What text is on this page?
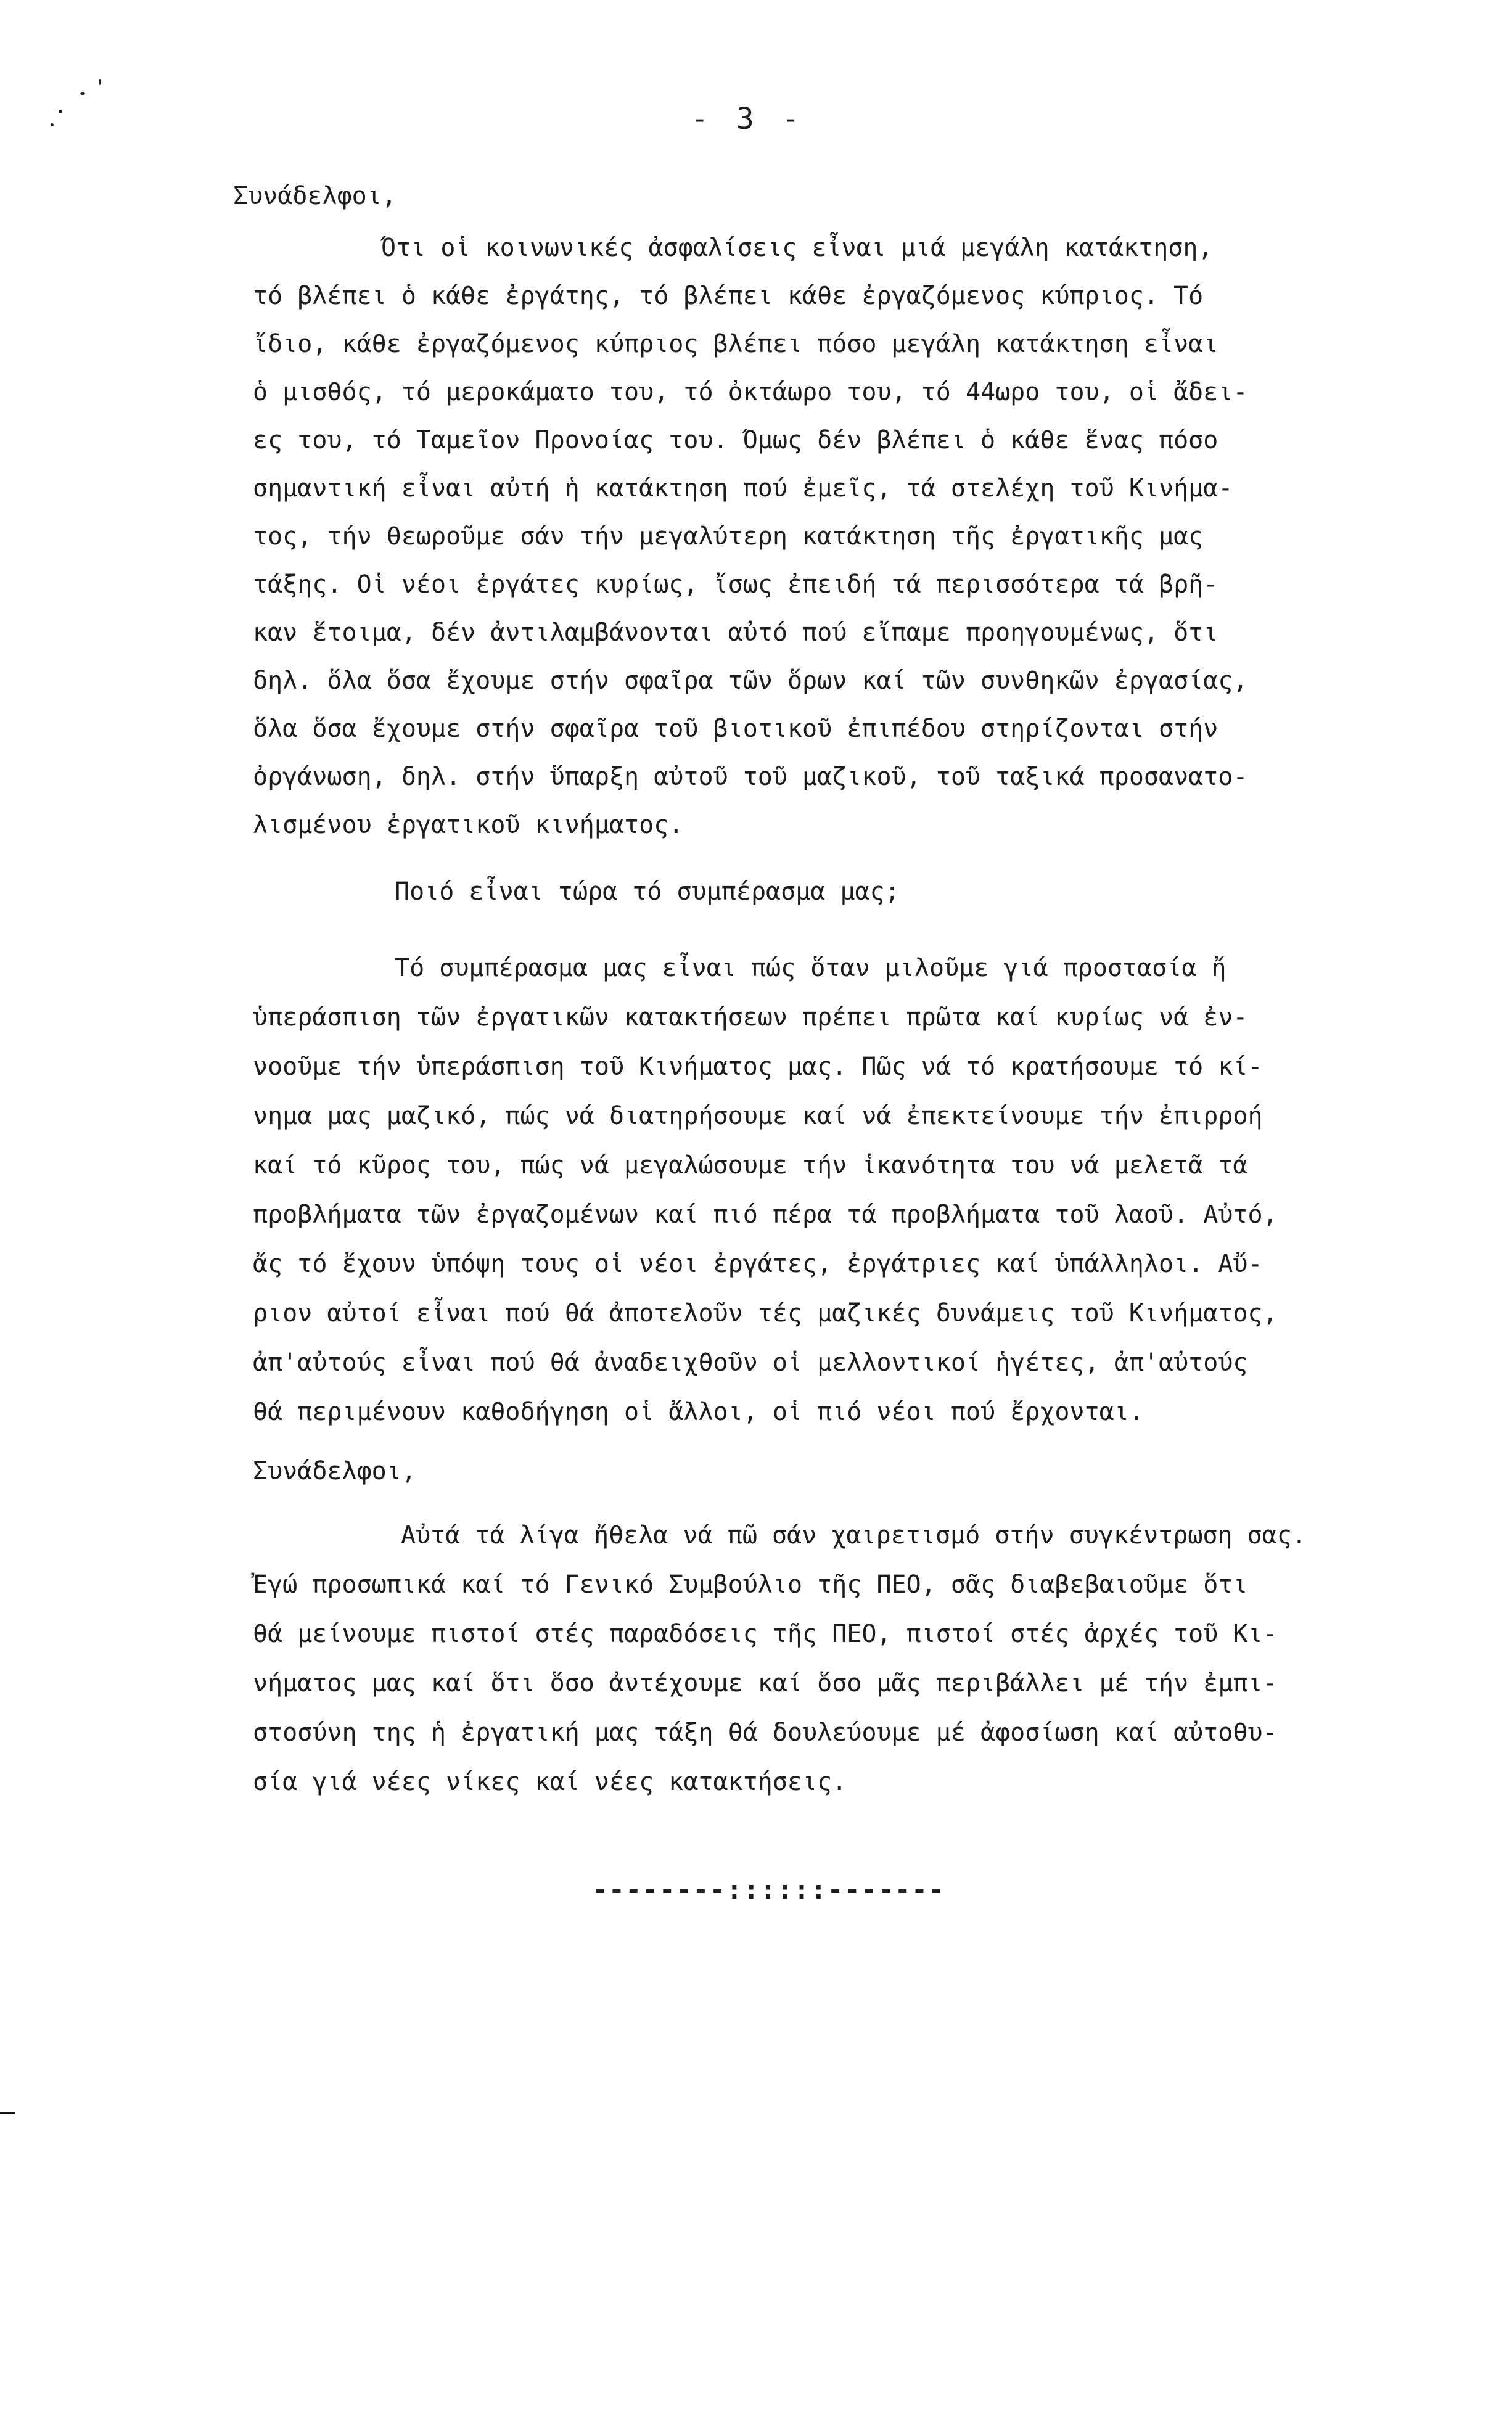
- 3 -
Συνάδελφοι,
Ότι οἱ κοινωνικές ἀσφαλίσεις εἶναι μιά μεγάλη κατάκτηση,
τό βλέπει ὁ κάθε ἐργάτης, τό βλέπει κάθε ἐργαζόμενος κύπριος. Τό
ἴδιο, κάθε ἐργαζόμενος κύπριος βλέπει πόσο μεγάλη κατάκτηση εἶναι
ὁ μισθός, τό μεροκάματο του, τό ὀκτάωρο του, τό 44ωρο του, οἱ ἄδει-
ες του, τό Ταμεῖον Προνοίας του. Όμως δέν βλέπει ὁ κάθε ἕνας πόσο
σημαντική εἶναι αὐτή ἡ κατάκτηση πού ἐμεῖς, τά στελέχη τοῦ Κινήμα-
τος, τήν θεωροῦμε σάν τήν μεγαλύτερη κατάκτηση τῆς ἐργατικῆς μας
τάξης. Οἱ νέοι ἐργάτες κυρίως, ἴσως ἐπειδή τά περισσότερα τά βρῆ-
καν ἕτοιμα, δέν ἀντιλαμβάνονται αὐτό πού εἴπαμε προηγουμένως, ὅτι
δηλ. ὅλα ὅσα ἔχουμε στήν σφαῖρα τῶν ὅρων καί τῶν συνθηκῶν ἐργασίας,
ὅλα ὅσα ἔχουμε στήν σφαῖρα τοῦ βιοτικοῦ ἐπιπέδου στηρίζονται στήν
ὀργάνωση, δηλ. στήν ὕπαρξη αὐτοῦ τοῦ μαζικοῦ, τοῦ ταξικά προσανατο-
λισμένου ἐργατικοῦ κινήματος.
Ποιό εἶναι τώρα τό συμπέρασμα μας;
Τό συμπέρασμα μας εἶναι πώς ὅταν μιλοῦμε γιά προστασία ἤ
ὑπεράσπιση τῶν ἐργατικῶν κατακτήσεων πρέπει πρῶτα καί κυρίως νά ἐν-
νοοῦμε τήν ὑπεράσπιση τοῦ Κινήματος μας. Πῶς νά τό κρατήσουμε τό κί-
νημα μας μαζικό, πώς νά διατηρήσουμε καί νά ἐπεκτείνουμε τήν ἐπιρροή
καί τό κῦρος του, πώς νά μεγαλώσουμε τήν ἱκανότητα του νά μελετᾶ τά
προβλήματα τῶν ἐργαζομένων καί πιό πέρα τά προβλήματα τοῦ λαοῦ. Αὐτό,
ἄς τό ἔχουν ὑπόψη τους οἱ νέοι ἐργάτες, ἐργάτριες καί ὑπάλληλοι. Αὔ-
ριον αὐτοί εἶναι πού θά ἀποτελοῦν τές μαζικές δυνάμεις τοῦ Κινήματος,
ἀπ'αὐτούς εἶναι πού θά ἀναδειχθοῦν οἱ μελλοντικοί ἡγέτες, ἀπ'αὐτούς
θά περιμένουν καθοδήγηση οἱ ἄλλοι, οἱ πιό νέοι πού ἔρχονται.
Συνάδελφοι,
Αὐτά τά λίγα ἤθελα νά πῶ σάν χαιρετισμό στήν συγκέντρωση σας.
Ἐγώ προσωπικά καί τό Γενικό Συμβούλιο τῆς ΠΕΟ, σᾶς διαβεβαιοῦμε ὅτι
θά μείνουμε πιστοί στές παραδόσεις τῆς ΠΕΟ, πιστοί στές ἀρχές τοῦ Κι-
νήματος μας καί ὅτι ὅσο ἀντέχουμε καί ὅσο μᾶς περιβάλλει μέ τήν ἐμπι-
στοσύνη της ἡ ἐργατική μας τάξη θά δουλεύουμε μέ ἀφοσίωση καί αὐτοθυ-
σία γιά νέες νίκες καί νέες κατακτήσεις.
--------::::::-------
